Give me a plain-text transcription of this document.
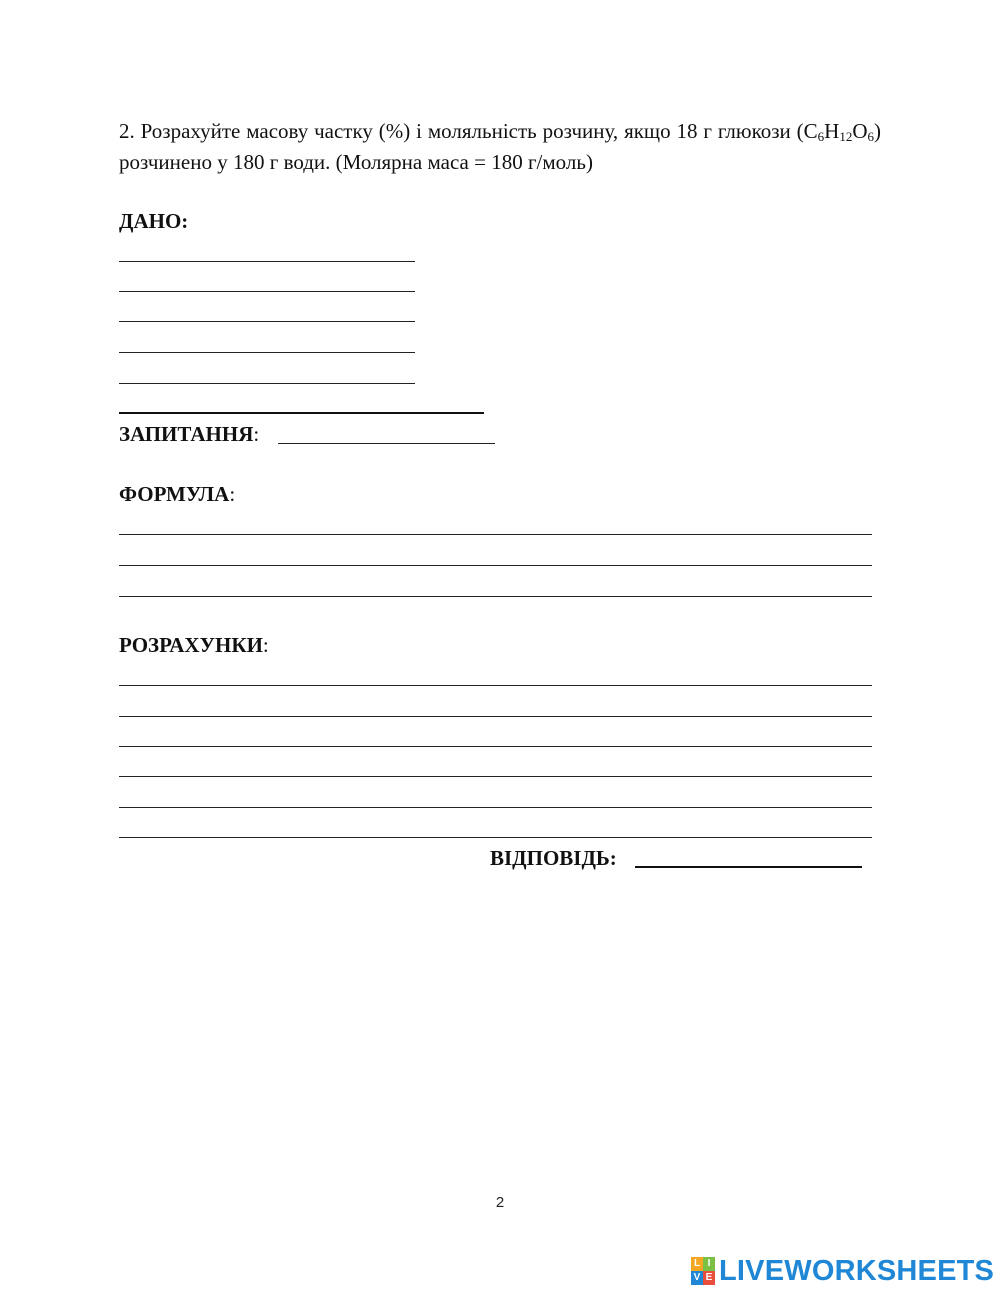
2. Розрахуйте масову частку (%) і моляльність розчину, якщо 18 г глюкози $(C_6H_{12}O_6)$ розчинено у 180 г води. (Молярна маса = 180 г/моль)
ДАНО:
ЗАПИТАННЯ:
ФОРМУЛА:
РОЗРАХУНКИ:
ВІДПОВІДЬ:
2
L I
V E LIVEWORKSHEETS
